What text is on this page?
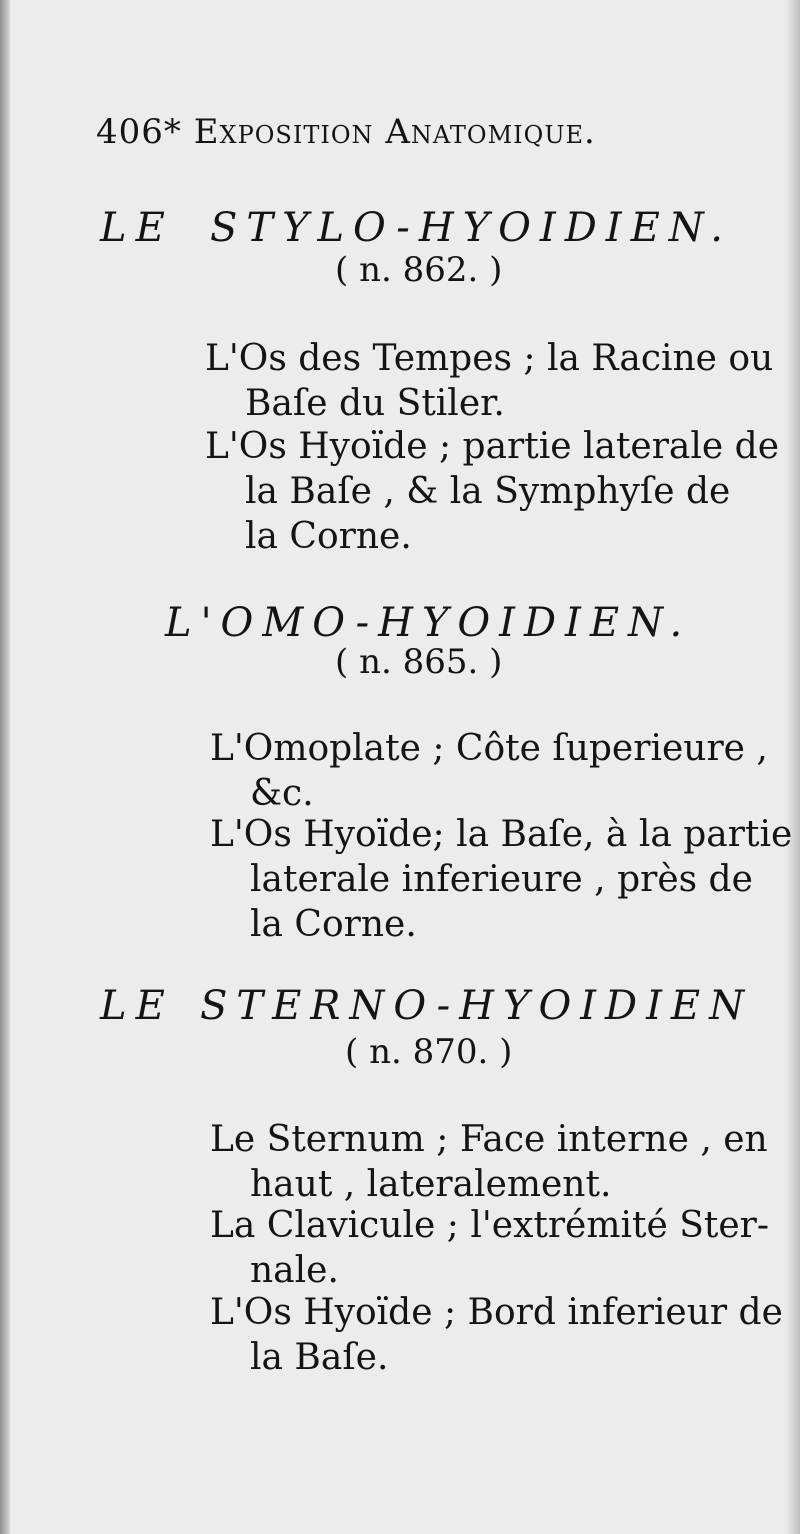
406* Exposition Anatomique.
LE STYLO-HYOIDIEN.
( n. 862. )
L'Os des Tempes ; la Racine ou
Baſe du Stiler.
L'Os Hyoïde ; partie laterale de
la Baſe , & la Symphyſe de
la Corne.
L'OMO-HYOIDIEN.
( n. 865. )
L'Omoplate ; Côte ſuperieure ,
&c.
L'Os Hyoïde; la Baſe, à la partie
laterale inferieure , près de
la Corne.
LE STERNO-HYOIDIEN
( n. 870. )
Le Sternum ; Face interne , en
haut , lateralement.
La Clavicule ; l'extrémité Ster-
nale.
L'Os Hyoïde ; Bord inferieur de
la Baſe.
